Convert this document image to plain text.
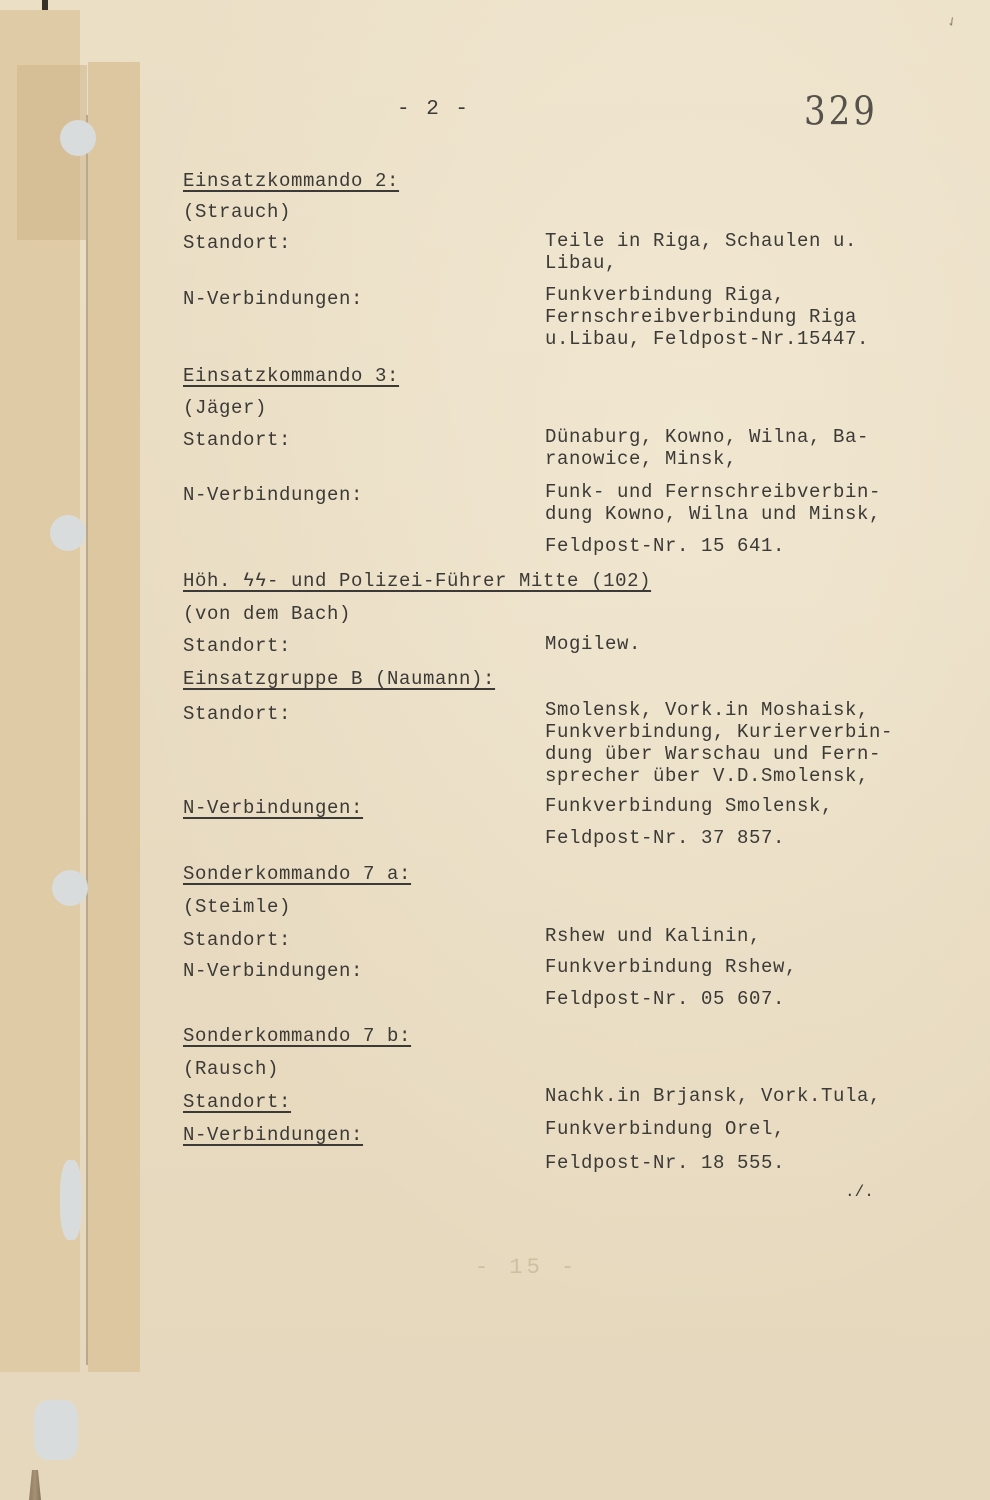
✓
- 2 -	329
Einsatzkommando 2:
(Strauch)
Standort:	Teile in Riga, Schaulen u.
Libau,
N-Verbindungen:	Funkverbindung Riga,
Fernschreibverbindung Riga
u.Libau, Feldpost-Nr.15447.
Einsatzkommando 3:
(Jäger)
Standort:	Dünaburg, Kowno, Wilna, Ba-
ranowice, Minsk,
N-Verbindungen:	Funk- und Fernschreibverbin-
dung Kowno, Wilna und Minsk,
Feldpost-Nr. 15 641.
Höh. ϟϟ- und Polizei-Führer Mitte (102)
(von dem Bach)
Standort:	Mogilew.
Einsatzgruppe B (Naumann):
Standort:	Smolensk, Vork.in Moshaisk,
Funkverbindung, Kurierverbin-
dung über Warschau und Fern-
sprecher über V.D.Smolensk,
N-Verbindungen:	Funkverbindung Smolensk,
Feldpost-Nr. 37 857.
Sonderkommando 7 a:
(Steimle)
Standort:	Rshew und Kalinin,
N-Verbindungen:	Funkverbindung Rshew,
Feldpost-Nr. 05 607.
Sonderkommando 7 b:
(Rausch)
Standort:	Nachk.in Brjansk, Vork.Tula,
N-Verbindungen:	Funkverbindung Orel,
Feldpost-Nr. 18 555.
./.
- 15 -
